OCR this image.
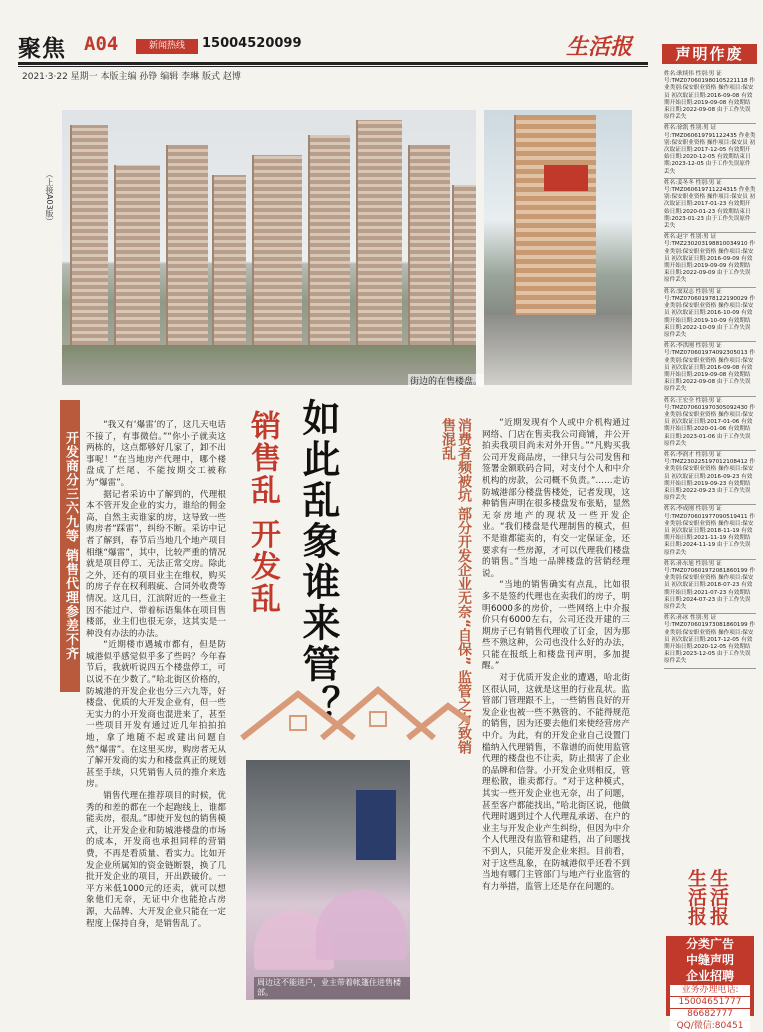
聚焦 A04	新闻热线	15004520099	生活报
2021·3·22 星期一 本版主编 孙铮 编辑 李琳 版式 赵博
（上接A03版）
街边的在售楼盘。
声明作废
姓名:耿续伟 性别:男 证号:TMZ070601980105221118 作业类别:保安职业资格 操作项目:保安员 初次取证日期:2016-09-08 有效期开始日期:2019-09-08 有效期结束日期:2022-09-08 由于工作失误原件丢失
姓名:徐凯 性别:男 证号:TMZ060619791122435 作业类别:保安职业资格 操作项目:保安员 初次取证日期:2017-12-05 有效期开始日期:2020-12-05 有效期结束日期:2023-12-05 由于工作失误原件丢失
姓名:姜冬冬 性别:男 证号:TMZ060619711224315 作业类别:保安职业资格 操作项目:保安员 初次取证日期:2017-01-23 有效期开始日期:2020-01-23 有效期结束日期:2023-01-23 由于工作失误原件丢失
姓名:赵宇 性别:男 证号:TMZ230203198810034910 作业类别:保安职业资格 操作项目:保安员 初次取证日期:2016-09-09 有效期开始日期:2019-09-09 有效期结束日期:2022-09-09 由于工作失误原件丢失
姓名:窦双志 性别:男 证号:TMZ070601978122190029 作业类别:保安职业资格 操作项目:保安员 初次取证日期:2016-10-09 有效期开始日期:2019-10-09 有效期结束日期:2022-10-09 由于工作失误原件丢失
姓名:李洪刚 性别:男 证号:TMZ070601974092305013 作业类别:保安职业资格 操作项目:保安员 初次取证日期:2016-09-08 有效期开始日期:2019-09-08 有效期结束日期:2022-09-08 由于工作失误原件丢失
姓名:王宏全 性别:男 证号:TMZ070601970305092430 作业类别:保安职业资格 操作项目:保安员 初次取证日期:2017-01-06 有效期开始日期:2020-01-06 有效期结束日期:2023-01-06 由于工作失误原件丢失
姓名:李润才 性别:男 证号:TMZ230225197012108412 作业类别:保安职业资格 操作项目:保安员 初次取证日期:2016-09-23 有效期开始日期:2019-09-23 有效期结束日期:2022-09-23 由于工作失误原件丢失
姓名:李成刚 性别:男 证号:TMZ070601977090519411 作业类别:保安职业资格 操作项目:保安员 初次取证日期:2018-11-19 有效期开始日期:2021-11-19 有效期结束日期:2024-11-19 由于工作失误原件丢失
姓名:孙东旭 性别:男 证号:TMZ070601972081860199 作业类别:保安职业资格 操作项目:保安员 初次取证日期:2018-07-23 有效期开始日期:2021-07-23 有效期结束日期:2024-07-23 由于工作失误原件丢失
姓名:孙冰 性别:男 证号:TMZ070601973081860199 作业类别:保安职业资格 操作项目:保安员 初次取证日期:2017-12-05 有效期开始日期:2020-12-05 有效期结束日期:2023-12-05 由于工作失误原件丢失
生生
活活
报报
分类广告
中缝声明
企业招聘
业务办理电话:
15004651777
86682777
QQ/微信:80451
开发商分三六九等 销售代理参差不齐

“我又有‘爆雷’的了，这几天电话不接了，有事微信。”“你小子就卖这两栋的，这点都够好几家了，卸不出事呢！”在当地房产代理中，哪个楼盘成了烂尾、不能按期交工被称为“爆雷”。

据记者采访中了解到的，代理根本不管开发企业的实力，谁给的佣金高，自然主卖谁家的房，这导致一些购房者“踩雷”，纠纷不断。采访中记者了解到，春节后当地几个地产项目相继“爆雷”，其中，比较严重的情况就是项目停工、无法正常交房。除此之外，还有的项目业主在维权，购买的房子存在权利瑕疵、合同外收费等情况。这几日，江滨附近的一些业主因不能过户、带着标语集体在项目售楼部，业主们也很无奈，这其实是一种没有办法的办法。

“近期楼市遇城市都有，但是防城港似乎感觉似乎多了些吗？今年春节后，我就听说四五个楼盘停工，可以说不在少数了。”哈北街区价格的，防城港的开发企业也分三六九等，好楼盘、优质的大开发企业有，但一些无实力的小开发商也混进来了，甚至一些项目开发有通过近几年拍拍拍地，拿了地随不起或建出问题自然“爆雷”。在这里买房，购房者无从了解开发商的实力和楼盘真正的规划甚至手续，只凭销售人员的推介来选房。

销售代理在推荐项目的时候，优秀的和差的都在一个起跑线上，谁都能卖房，很乱。”即使开发包的销售模式，让开发企业和防城港楼盘的市场的成本，开发商也承担同样的营销费，不再是看质量、看实力。比如开发企业所属知的资金链断裂，换了几批开发企业的项目，开出跌破价。一平方米低1000元的还卖，就可以想象他们无奈，无证中介也能抢占房源，大品牌、大开发企业只能在一定程度上保持自身，是销售乱了。

销售乱 开发乱 如此乱象谁来管？	消费者频被坑 部分开发企业无奈“自保” 监管之力致销售混乱
周边这不能进户，业主带着帐篷住进售楼部。

“近期发现有个人或中介机构通过网络、门店在售卖我公司商铺，并公开拍卖我项目尚未对外开售。”“凡购买我公司开发商品房，一律只与公司发售和签署金额联码合同，对支付个人和中介机构的房款，公司概不负责。”……走访防城港部分楼盘售楼处，记者发现，这种销售声明在很多楼盘发布张贴，显然无奈房地产的现状及一些开发企业。“我们楼盘是代理制售的模式，但不是谁都能卖的，有交一定保证金，还要求有一些房源，才可以代理我们楼盘的销售。”当地一品牌楼盘的营销经理说。

“当地的销售确实有点乱，比如很多不是签约代理也在卖我们的房子，明明6000多的房价，一些网络上中介报价只有6000左右，公司还没开建的三期房子已有销售代理收了订金，因为那些不熟这种，公司也没什么好的办法，只能在报纸上和楼盘刊声明，多加提醒。”

对于优质开发企业的遭遇，哈北街区很认同，这就是这里的行业乱状。监管部门管理跟不上，一些销售良好的开发企业也被一些不熟管的、不能得规范的销售，因为还要去他们来使经营房产中介。为此，有的开发企业自己设置门槛纳入代理销售，不靠谱的而使用监管代理的楼盘也不让卖，防止损害了企业的品牌和信誉。小开发企业则相反，管理松散，谁卖都行。“对于这种模式，其实一些开发企业也无奈，出了问题，甚至客户都能找出，”哈北街区说，他做代理时遇到过个人代理乱承诺、在户的业主与开发企业产生纠纷，但因为中介个人代理没有监管和建档，出了问题找不到人，只能开发企业来担。目前看，对于这些乱象，在防城港似乎还看不到当地有哪门主管部门与地产行业监管的有力举措，监管上还是存在问题的。
